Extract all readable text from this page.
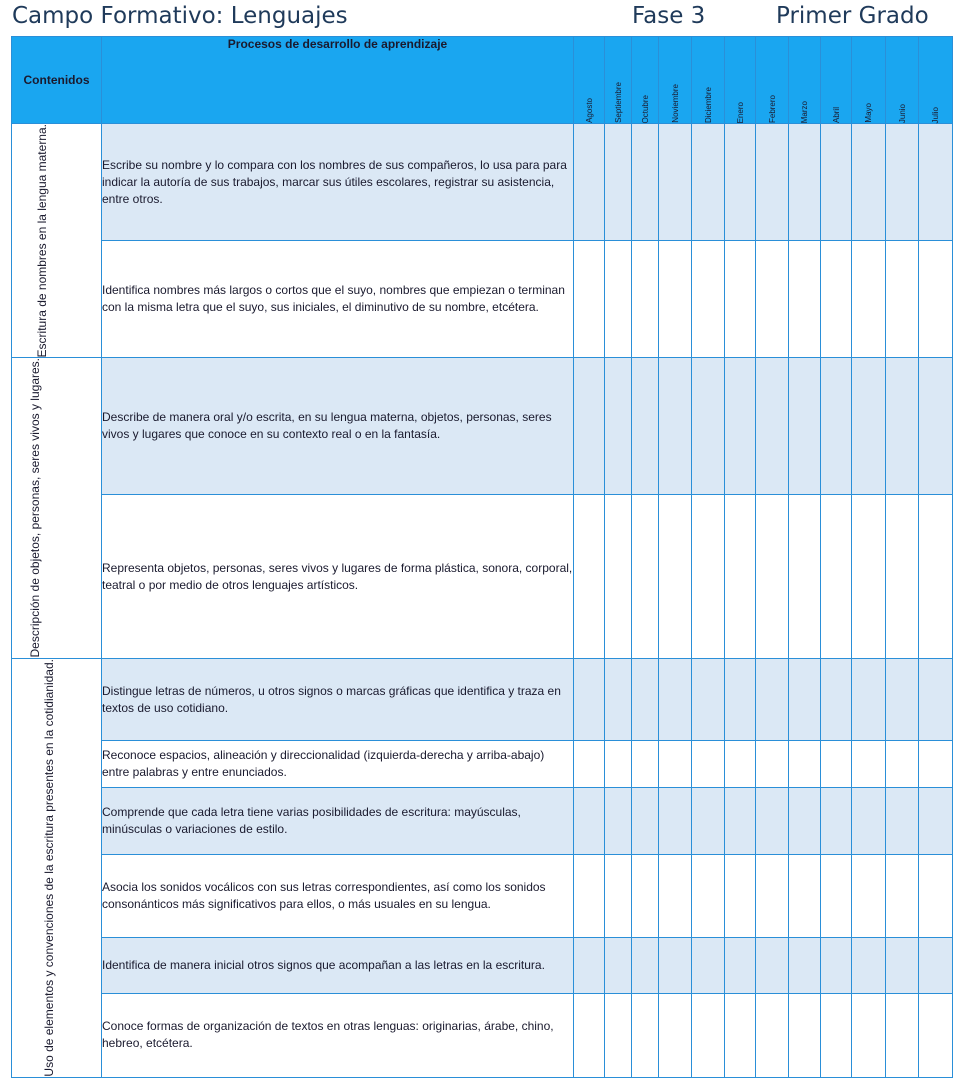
Campo Formativo: Lenguajes	Fase 3	Primer Grado
Contenidos	Procesos de desarrollo de aprendizaje	Agosto	Septiembre	Octubre	Noviembre	Diciembre	Enero	Febrero	Marzo	Abril	Mayo	Junio	Julio

Escritura de nombres en la lengua materna.	Escribe su nombre y lo compara con los nombres de sus compañeros, lo usa para para indicar la autoría de sus trabajos, marcar sus útiles escolares, registrar su asistencia, entre otros.												
	Identifica nombres más largos o cortos que el suyo, nombres que empiezan o terminan con la misma letra que el suyo, sus iniciales, el diminutivo de su nombre, etcétera.												

Descripción de objetos, personas, seres vivos y lugares.	Describe de manera oral y/o escrita, en su lengua materna, objetos, personas, seres vivos y lugares que conoce en su contexto real o en la fantasía.												
	Representa objetos, personas, seres vivos y lugares de forma plástica, sonora, corporal, teatral o por medio de otros lenguajes artísticos.												

Uso de elementos y convenciones de la escritura presentes en la cotidianidad.	Distingue letras de números, u otros signos o marcas gráficas que identifica y traza en textos de uso cotidiano.												
	Reconoce espacios, alineación y direccionalidad (izquierda-derecha y arriba-abajo) entre palabras y entre enunciados.												
	Comprende que cada letra tiene varias posibilidades de escritura: mayúsculas, minúsculas o variaciones de estilo.												
	Asocia los sonidos vocálicos con sus letras correspondientes, así como los sonidos consonánticos más significativos para ellos, o más usuales en su lengua.												
	Identifica de manera inicial otros signos que acompañan a las letras en la escritura.												
	Conoce formas de organización de textos en otras lenguas: originarias, árabe, chino, hebreo, etcétera.												
